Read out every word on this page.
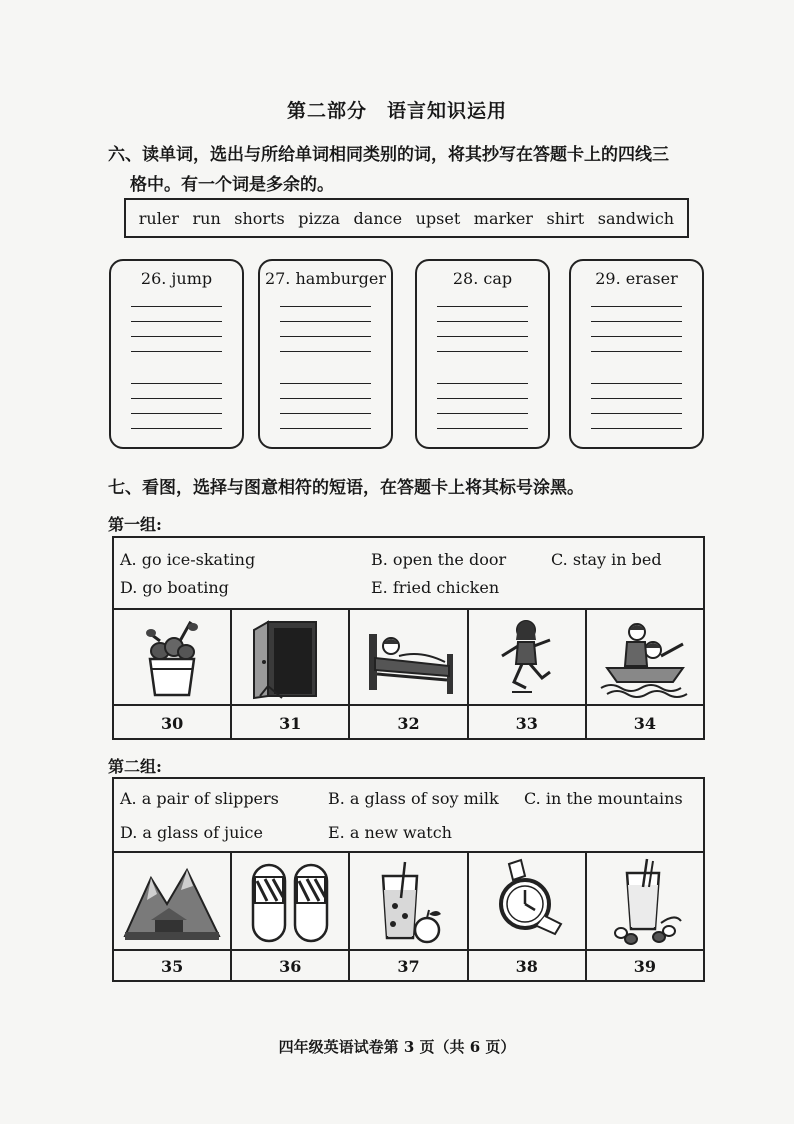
第二部分　语言知识运用
六、读单词，选出与所给单词相同类别的词，将其抄写在答题卡上的四线三
格中。有一个词是多余的。
ruler run shorts pizza dance upset marker shirt sandwich
26. jump	27. hamburger	28. cap	29. eraser
七、看图，选择与图意相符的短语，在答题卡上将其标号涂黑。
第一组:
A. go ice-skating	B. open the door	C. stay in bed
D. go boating	E. fried chicken
30	31	32	33	34
第二组:
A. a pair of slippers	B. a glass of soy milk C. in the mountains
D. a glass of juice	E. a new watch
35	36	37	38	39
四年级英语试卷第 3 页（共 6 页）
